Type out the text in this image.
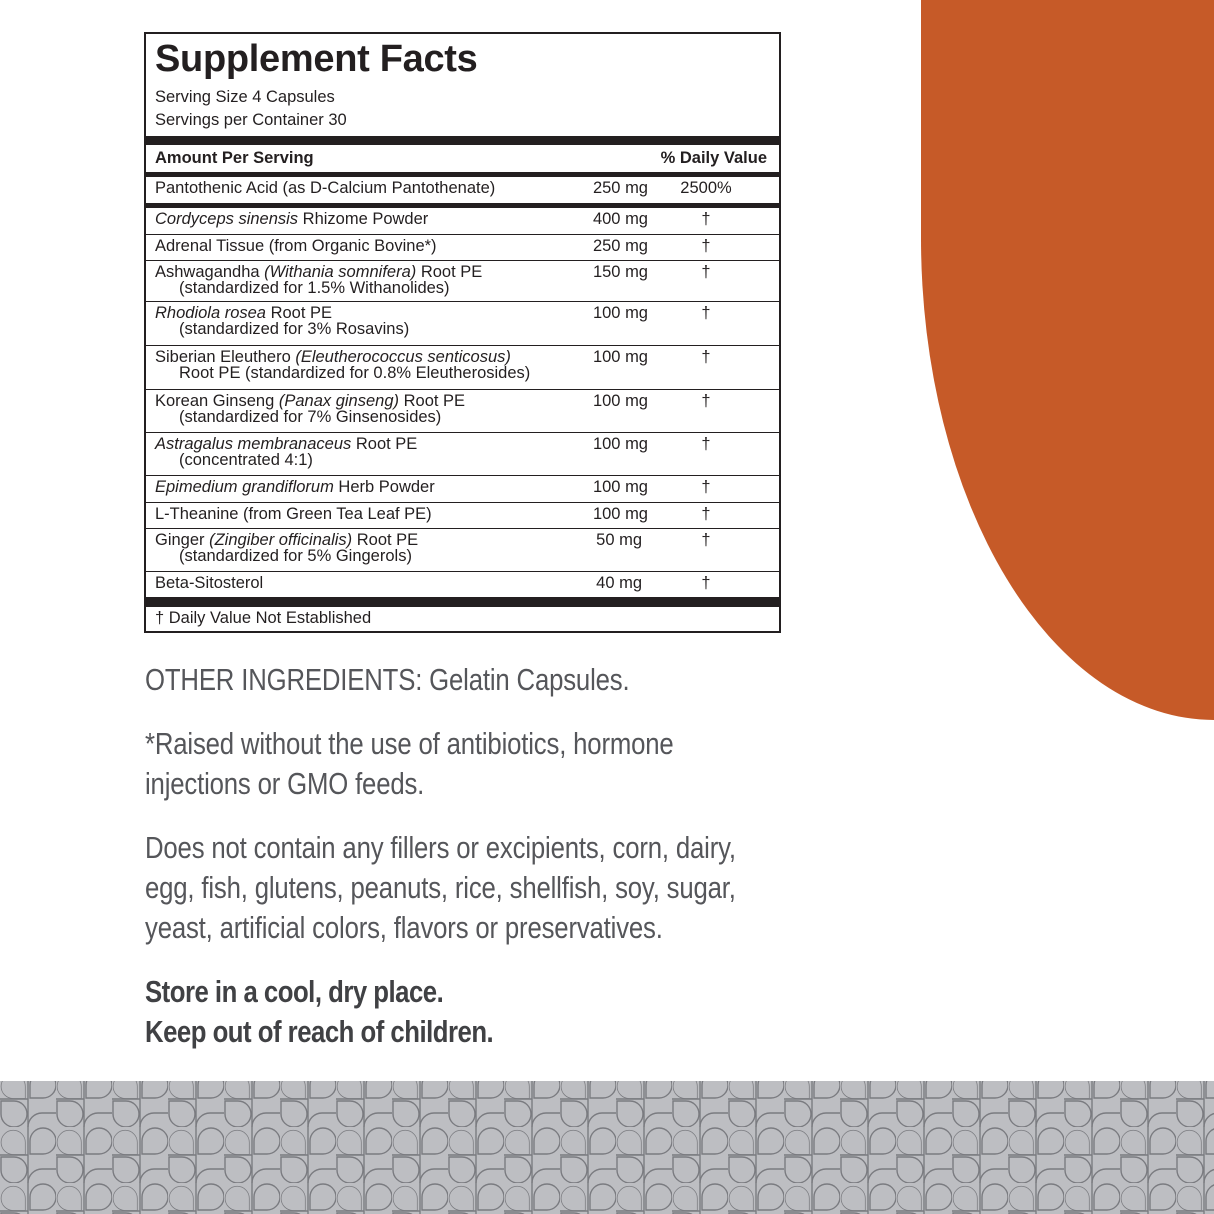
Supplement Facts
Serving Size 4 Capsules
Servings per Container 30
Amount Per Serving	% Daily Value
Pantothenic Acid (as D-Calcium Pantothenate)	250 mg 2500%
Cordyceps sinensis Rhizome Powder	400 mg	†
Adrenal Tissue (from Organic Bovine*)	250 mg	†
Ashwagandha (Withania somnifera) Root PE
(standardized for 1.5% Withanolides)
150 mg	†
Rhodiola rosea Root PE
(standardized for 3% Rosavins)
100 mg	†
Siberian Eleuthero (Eleutherococcus senticosus)
Root PE (standardized for 0.8% Eleutherosides)
100 mg	†
Korean Ginseng (Panax ginseng) Root PE
(standardized for 7% Ginsenosides)
100 mg	†
Astragalus membranaceus Root PE
(concentrated 4:1)
100 mg	†
Epimedium grandiflorum Herb Powder	100 mg	†
L-Theanine (from Green Tea Leaf PE)	100 mg	†
Ginger (Zingiber officinalis) Root PE
(standardized for 5% Gingerols)
50 mg	†
Beta-Sitosterol	40 mg	†
† Daily Value Not Established

OTHER INGREDIENTS: Gelatin Capsules.

*Raised without the use of antibiotics, hormone
injections or GMO feeds.

Does not contain any fillers or excipients, corn, dairy,
egg, fish, glutens, peanuts, rice, shellfish, soy, sugar,
yeast, artificial colors, flavors or preservatives.

Store in a cool, dry place.
Keep out of reach of children.
